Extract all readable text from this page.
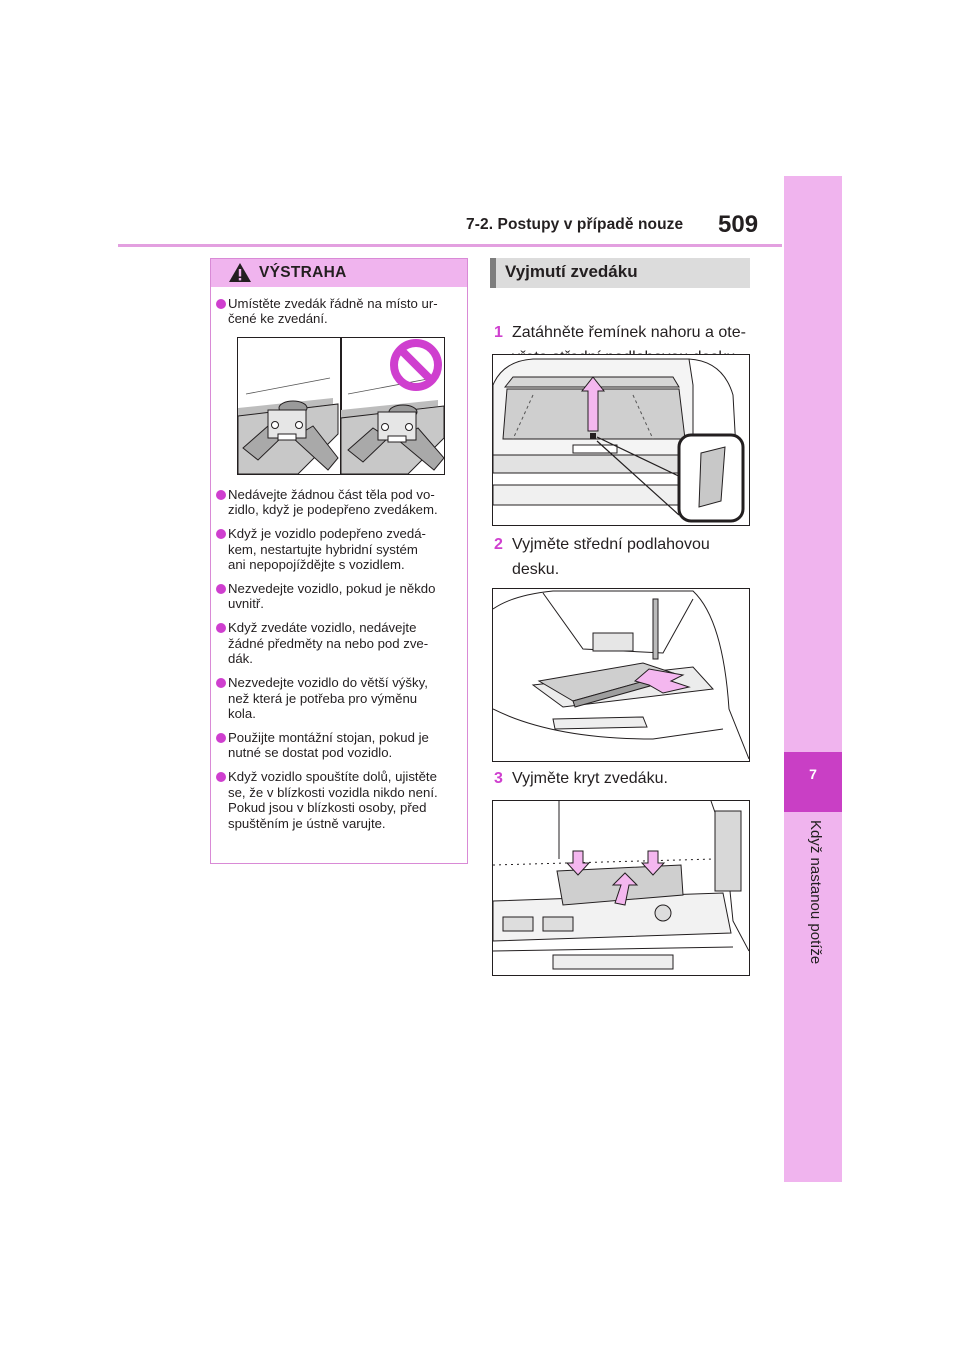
7-2. Postupy v případě nouze 509
7
Když nastanou potíže
VÝSTRAHA
Umístěte zvedák řádně na místo ur-
čené ke zvedání.
Nedávejte žádnou část těla pod vo-
zidlo, když je podepřeno zvedákem.
Když je vozidlo podepřeno zvedá-
kem, nestartujte hybridní systém
ani nepopojíždějte s vozidlem.
Nezvedejte vozidlo, pokud je někdo
uvnitř.
Když zvedáte vozidlo, nedávejte
žádné předměty na nebo pod zve-
dák.
Nezvedejte vozidlo do větší výšky,
než která je potřeba pro výměnu
kola.
Použijte montážní stojan, pokud je
nutné se dostat pod vozidlo.
Když vozidlo spouštíte dolů, ujistěte
se, že v blízkosti vozidla nikdo není.
Pokud jsou v blízkosti osoby, před
spuštěním je ústně varujte.
Vyjmutí zvedáku
1 Zatáhněte řemínek nahoru a ote-
2 Vyjměte střední podlahovou
desku.
3 Vyjměte kryt zvedáku.
